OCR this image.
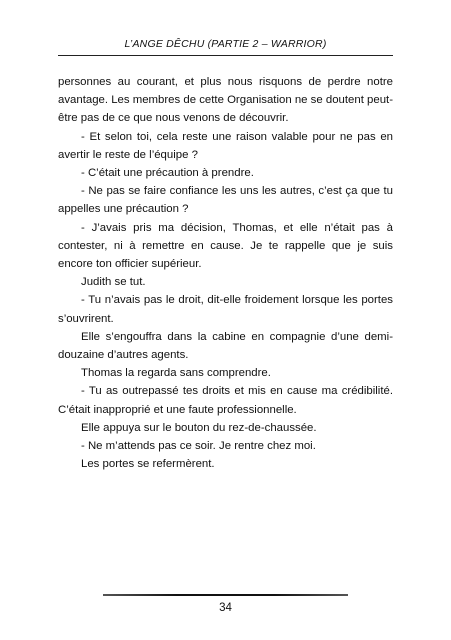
L’ANGE DÊCHU (PARTIE 2 – WARRIOR)

personnes au courant, et plus nous risquons de perdre notre avantage. Les membres de cette Organisation ne se doutent peut-être pas de ce que nous venons de découvrir.

- Et selon toi, cela reste une raison valable pour ne pas en avertir le reste de l’équipe ?

- C’était une précaution à prendre.

- Ne pas se faire confiance les uns les autres, c’est ça que tu appelles une précaution ?

- J’avais pris ma décision, Thomas, et elle n’était pas à contester, ni à remettre en cause. Je te rappelle que je suis encore ton officier supérieur.

Judith se tut.

- Tu n’avais pas le droit, dit-elle froidement lorsque les portes s’ouvrirent.

Elle s’engouffra dans la cabine en compagnie d’une demi-douzaine d’autres agents.

Thomas la regarda sans comprendre.

- Tu as outrepassé tes droits et mis en cause ma crédibilité. C’était inapproprié et une faute professionnelle.

Elle appuya sur le bouton du rez-de-chaussée.

- Ne m’attends pas ce soir. Je rentre chez moi.

Les portes se refermèrent.

34
